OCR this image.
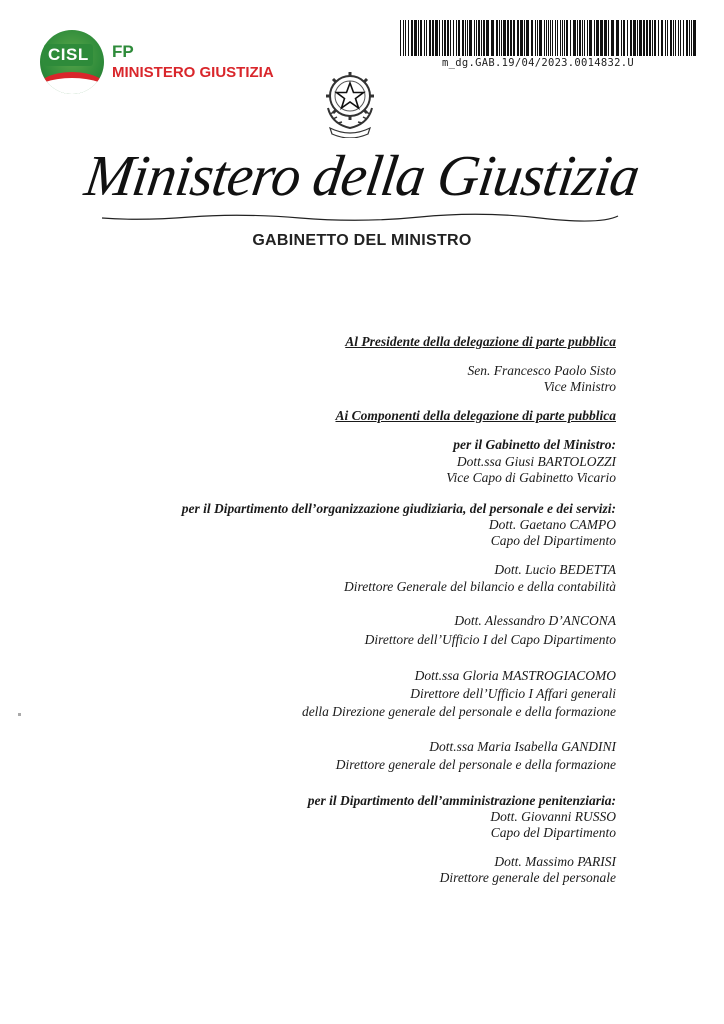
CISL FP
MINISTERO GIUSTIZIA
m_dg.GAB.19/04/2023.0014832.U
Ministero della Giustizia
GABINETTO DEL MINISTRO
Al Presidente della delegazione di parte pubblica
Sen. Francesco Paolo Sisto
Vice Ministro
Ai Componenti della delegazione di parte pubblica
per il Gabinetto del Ministro:
Dott.ssa Giusi BARTOLOZZI
Vice Capo di Gabinetto Vicario
per il Dipartimento dell’organizzazione giudiziaria, del personale e dei servizi:
Dott. Gaetano CAMPO
Capo del Dipartimento
Dott. Lucio BEDETTA
Direttore Generale del bilancio e della contabilità
Dott. Alessandro D’ANCONA
Direttore dell’Ufficio I del Capo Dipartimento
Dott.ssa Gloria MASTROGIACOMO
Direttore dell’Ufficio I Affari generali
della Direzione generale del personale e della formazione
Dott.ssa Maria Isabella GANDINI
Direttore generale del personale e della formazione
per il Dipartimento dell’amministrazione penitenziaria:
Dott. Giovanni RUSSO
Capo del Dipartimento
Dott. Massimo PARISI
Direttore generale del personale
